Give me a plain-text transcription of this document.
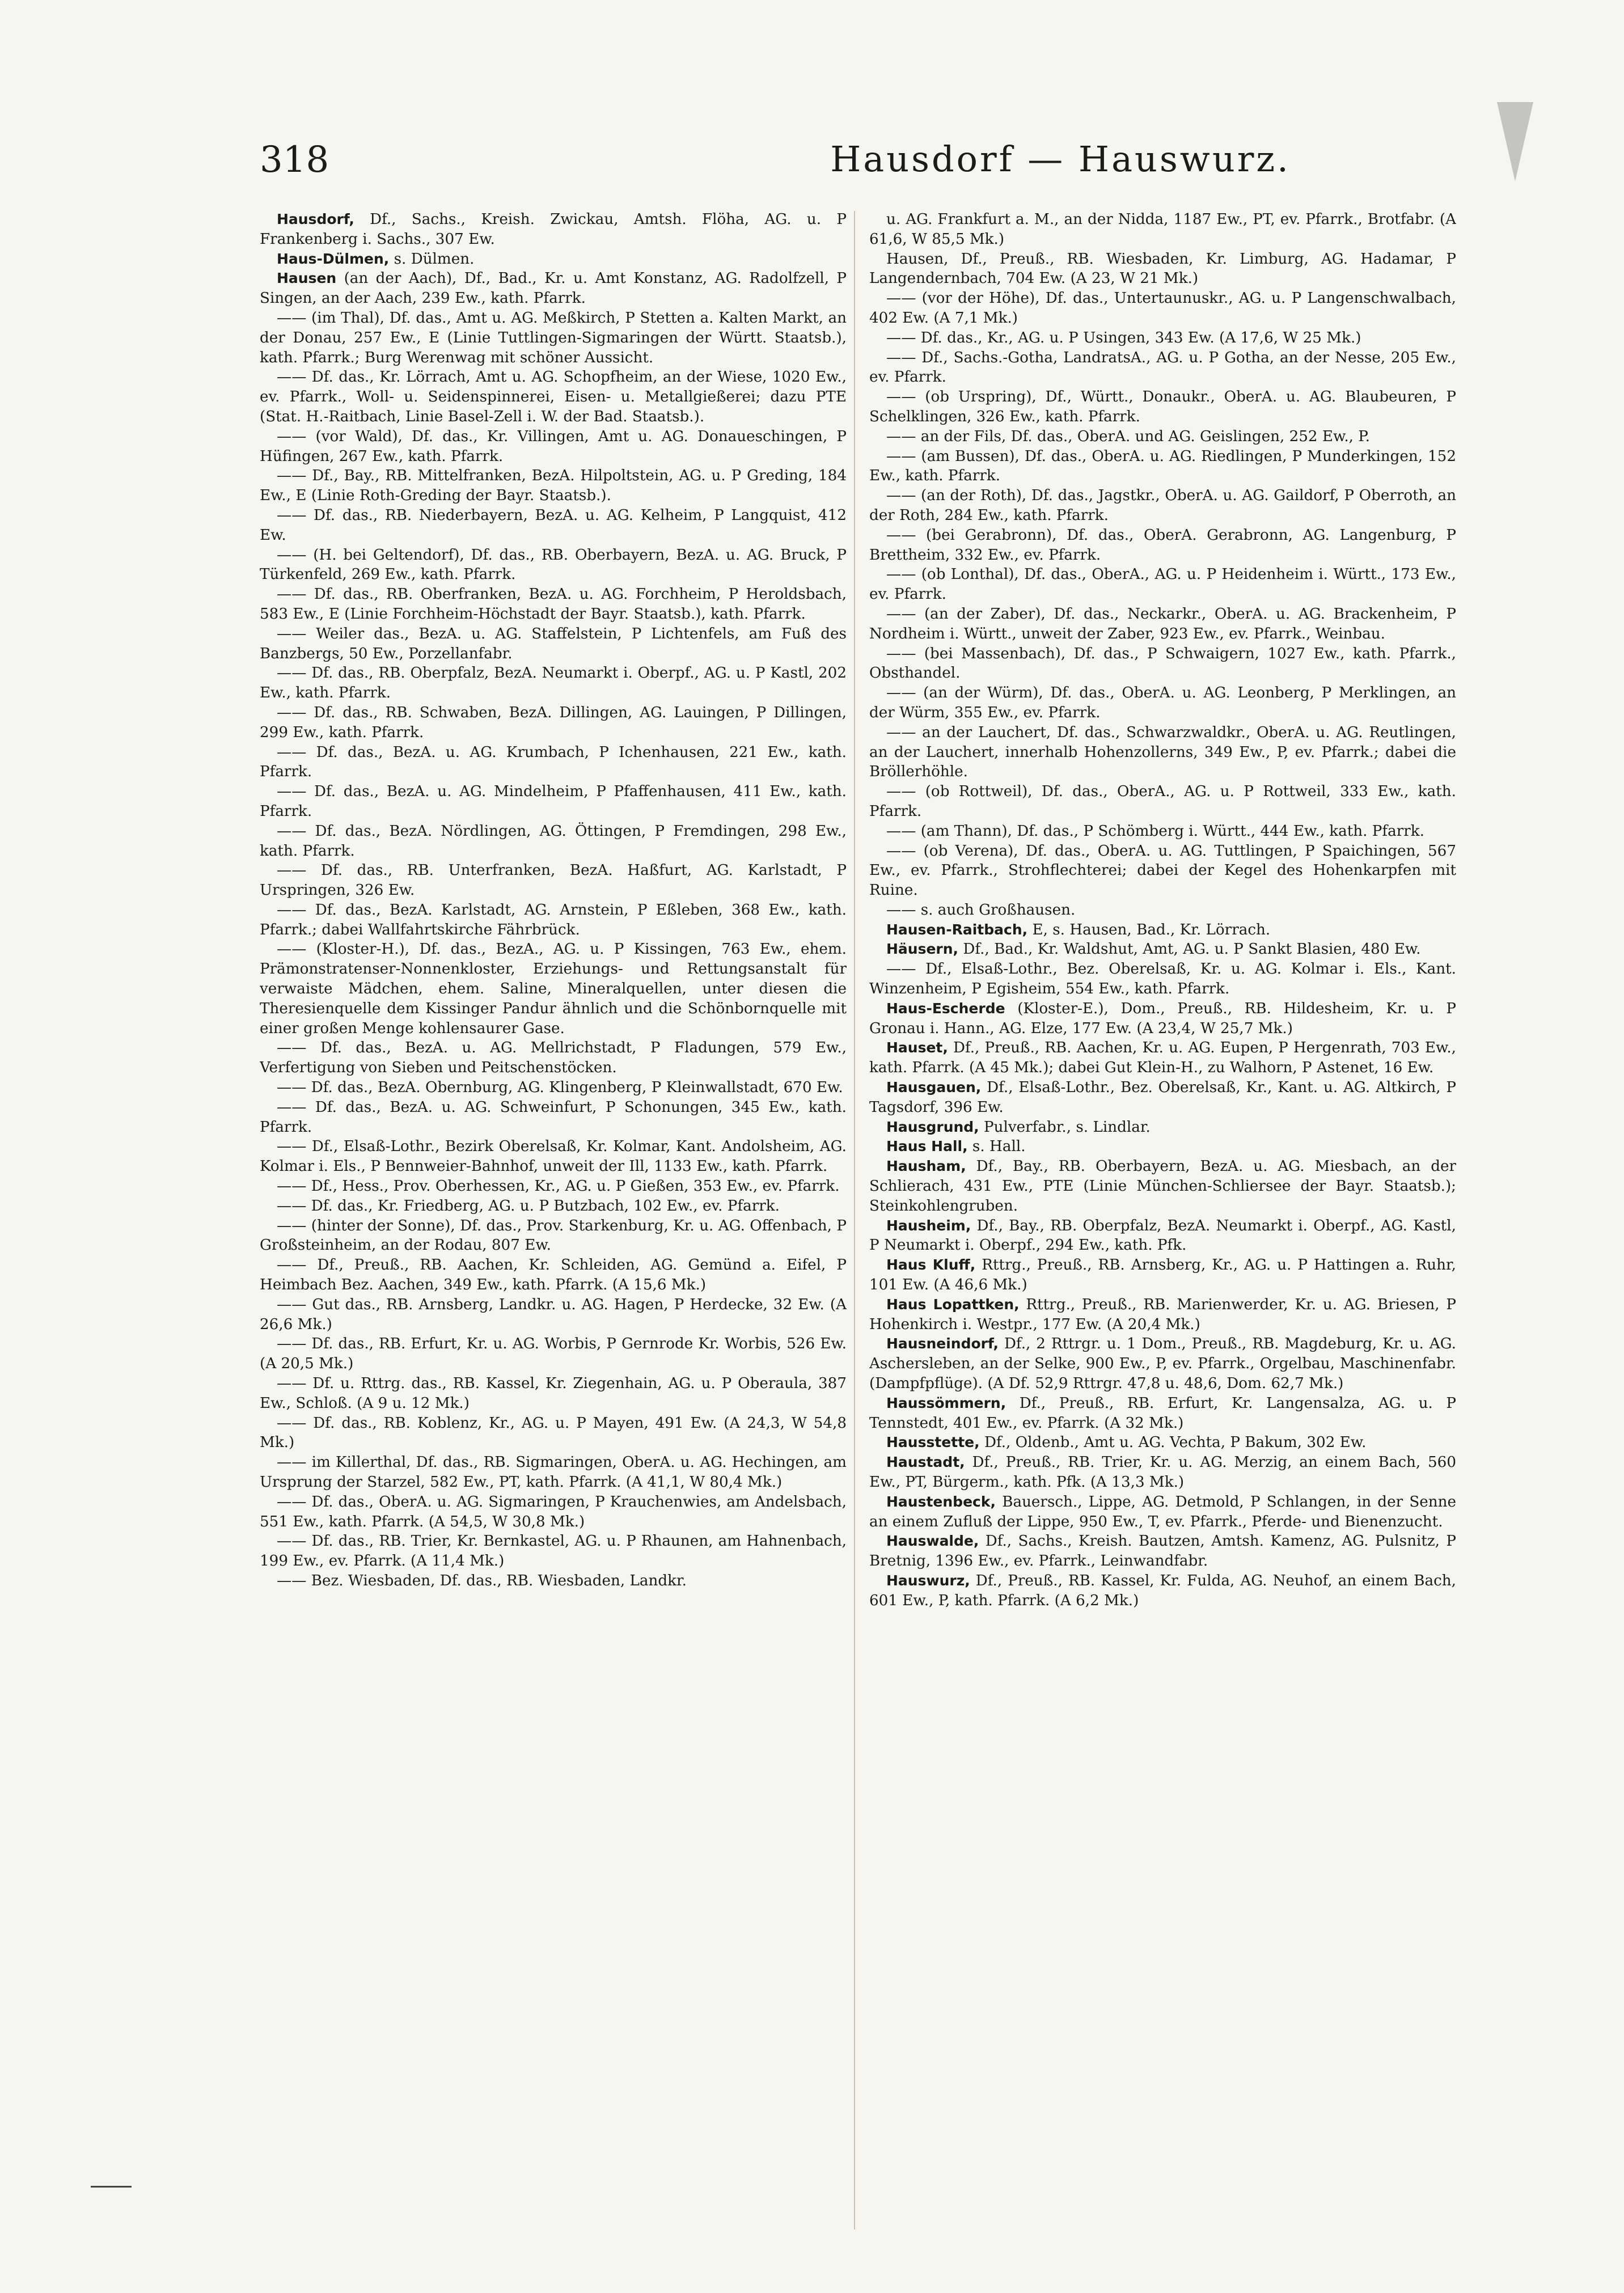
318	Hausdorf — Hauswurz.

Hausdorf, Df., Sachs., Kreish. Zwickau, Amtsh. Flöha, AG. u. P Frankenberg i. Sachs., 307 Ew.

Haus-Dülmen, s. Dülmen.

Hausen (an der Aach), Df., Bad., Kr. u. Amt Konstanz, AG. Radolfzell, P Singen, an der Aach, 239 Ew., kath. Pfarrk.

—— (im Thal), Df. das., Amt u. AG. Meßkirch, P Stetten a. Kalten Markt, an der Donau, 257 Ew., E (Linie Tuttlingen-Sigmaringen der Württ. Staatsb.), kath. Pfarrk.; Burg Werenwag mit schöner Aussicht.

—— Df. das., Kr. Lörrach, Amt u. AG. Schopfheim, an der Wiese, 1020 Ew., ev. Pfarrk., Woll- u. Seidenspinnerei, Eisen- u. Metallgießerei; dazu PTE (Stat. H.-Raitbach, Linie Basel-Zell i. W. der Bad. Staatsb.).

—— (vor Wald), Df. das., Kr. Villingen, Amt u. AG. Donaueschingen, P Hüfingen, 267 Ew., kath. Pfarrk.

—— Df., Bay., RB. Mittelfranken, BezA. Hilpoltstein, AG. u. P Greding, 184 Ew., E (Linie Roth-Greding der Bayr. Staatsb.).

—— Df. das., RB. Niederbayern, BezA. u. AG. Kelheim, P Langquist, 412 Ew.

—— (H. bei Geltendorf), Df. das., RB. Oberbayern, BezA. u. AG. Bruck, P Türkenfeld, 269 Ew., kath. Pfarrk.

—— Df. das., RB. Oberfranken, BezA. u. AG. Forchheim, P Heroldsbach, 583 Ew., E (Linie Forchheim-Höchstadt der Bayr. Staatsb.), kath. Pfarrk.

—— Weiler das., BezA. u. AG. Staffelstein, P Lichtenfels, am Fuß des Banzbergs, 50 Ew., Porzellanfabr.

—— Df. das., RB. Oberpfalz, BezA. Neumarkt i. Oberpf., AG. u. P Kastl, 202 Ew., kath. Pfarrk.

—— Df. das., RB. Schwaben, BezA. Dillingen, AG. Lauingen, P Dillingen, 299 Ew., kath. Pfarrk.

—— Df. das., BezA. u. AG. Krumbach, P Ichenhausen, 221 Ew., kath. Pfarrk.

—— Df. das., BezA. u. AG. Mindelheim, P Pfaffenhausen, 411 Ew., kath. Pfarrk.

—— Df. das., BezA. Nördlingen, AG. Öttingen, P Fremdingen, 298 Ew., kath. Pfarrk.

—— Df. das., RB. Unterfranken, BezA. Haßfurt, AG. Karlstadt, P Urspringen, 326 Ew.

—— Df. das., BezA. Karlstadt, AG. Arnstein, P Eßleben, 368 Ew., kath. Pfarrk.; dabei Wallfahrtskirche Fährbrück.

—— (Kloster-H.), Df. das., BezA., AG. u. P Kissingen, 763 Ew., ehem. Prämonstratenser-Nonnenkloster, Erziehungs- und Rettungsanstalt für verwaiste Mädchen, ehem. Saline, Mineralquellen, unter diesen die Theresienquelle dem Kissinger Pandur ähnlich und die Schönbornquelle mit einer großen Menge kohlensaurer Gase.

—— Df. das., BezA. u. AG. Mellrichstadt, P Fladungen, 579 Ew., Verfertigung von Sieben und Peitschenstöcken.

—— Df. das., BezA. Obernburg, AG. Klingenberg, P Kleinwallstadt, 670 Ew.

—— Df. das., BezA. u. AG. Schweinfurt, P Schonungen, 345 Ew., kath. Pfarrk.

—— Df., Elsaß-Lothr., Bezirk Oberelsaß, Kr. Kolmar, Kant. Andolsheim, AG. Kolmar i. Els., P Bennweier-Bahnhof, unweit der Ill, 1133 Ew., kath. Pfarrk.

—— Df., Hess., Prov. Oberhessen, Kr., AG. u. P Gießen, 353 Ew., ev. Pfarrk.

—— Df. das., Kr. Friedberg, AG. u. P Butzbach, 102 Ew., ev. Pfarrk.

—— (hinter der Sonne), Df. das., Prov. Starkenburg, Kr. u. AG. Offenbach, P Großsteinheim, an der Rodau, 807 Ew.

—— Df., Preuß., RB. Aachen, Kr. Schleiden, AG. Gemünd a. Eifel, P Heimbach Bez. Aachen, 349 Ew., kath. Pfarrk. (A 15,6 Mk.)

—— Gut das., RB. Arnsberg, Landkr. u. AG. Hagen, P Herdecke, 32 Ew. (A 26,6 Mk.)

—— Df. das., RB. Erfurt, Kr. u. AG. Worbis, P Gernrode Kr. Worbis, 526 Ew. (A 20,5 Mk.)

—— Df. u. Rttrg. das., RB. Kassel, Kr. Ziegenhain, AG. u. P Oberaula, 387 Ew., Schloß. (A 9 u. 12 Mk.)

—— Df. das., RB. Koblenz, Kr., AG. u. P Mayen, 491 Ew. (A 24,3, W 54,8 Mk.)

—— im Killerthal, Df. das., RB. Sigmaringen, OberA. u. AG. Hechingen, am Ursprung der Starzel, 582 Ew., PT, kath. Pfarrk. (A 41,1, W 80,4 Mk.)

—— Df. das., OberA. u. AG. Sigmaringen, P Krauchenwies, am Andelsbach, 551 Ew., kath. Pfarrk. (A 54,5, W 30,8 Mk.)

—— Df. das., RB. Trier, Kr. Bernkastel, AG. u. P Rhaunen, am Hahnenbach, 199 Ew., ev. Pfarrk. (A 11,4 Mk.)

—— Bez. Wiesbaden, Df. das., RB. Wiesbaden, Landkr.

u. AG. Frankfurt a. M., an der Nidda, 1187 Ew., PT, ev. Pfarrk., Brotfabr. (A 61,6, W 85,5 Mk.)

Hausen, Df., Preuß., RB. Wiesbaden, Kr. Limburg, AG. Hadamar, P Langendernbach, 704 Ew. (A 23, W 21 Mk.)

—— (vor der Höhe), Df. das., Untertaunuskr., AG. u. P Langenschwalbach, 402 Ew. (A 7,1 Mk.)

—— Df. das., Kr., AG. u. P Usingen, 343 Ew. (A 17,6, W 25 Mk.)

—— Df., Sachs.-Gotha, LandratsA., AG. u. P Gotha, an der Nesse, 205 Ew., ev. Pfarrk.

—— (ob Urspring), Df., Württ., Donaukr., OberA. u. AG. Blaubeuren, P Schelklingen, 326 Ew., kath. Pfarrk.

—— an der Fils, Df. das., OberA. und AG. Geislingen, 252 Ew., P.

—— (am Bussen), Df. das., OberA. u. AG. Riedlingen, P Munderkingen, 152 Ew., kath. Pfarrk.

—— (an der Roth), Df. das., Jagstkr., OberA. u. AG. Gaildorf, P Oberroth, an der Roth, 284 Ew., kath. Pfarrk.

—— (bei Gerabronn), Df. das., OberA. Gerabronn, AG. Langenburg, P Brettheim, 332 Ew., ev. Pfarrk.

—— (ob Lonthal), Df. das., OberA., AG. u. P Heidenheim i. Württ., 173 Ew., ev. Pfarrk.

—— (an der Zaber), Df. das., Neckarkr., OberA. u. AG. Brackenheim, P Nordheim i. Württ., unweit der Zaber, 923 Ew., ev. Pfarrk., Weinbau.

—— (bei Massenbach), Df. das., P Schwaigern, 1027 Ew., kath. Pfarrk., Obsthandel.

—— (an der Würm), Df. das., OberA. u. AG. Leonberg, P Merklingen, an der Würm, 355 Ew., ev. Pfarrk.

—— an der Lauchert, Df. das., Schwarzwaldkr., OberA. u. AG. Reutlingen, an der Lauchert, innerhalb Hohenzollerns, 349 Ew., P, ev. Pfarrk.; dabei die Bröllerhöhle.

—— (ob Rottweil), Df. das., OberA., AG. u. P Rottweil, 333 Ew., kath. Pfarrk.

—— (am Thann), Df. das., P Schömberg i. Württ., 444 Ew., kath. Pfarrk.

—— (ob Verena), Df. das., OberA. u. AG. Tuttlingen, P Spaichingen, 567 Ew., ev. Pfarrk., Strohflechterei; dabei der Kegel des Hohenkarpfen mit Ruine.

—— s. auch Großhausen.

Hausen-Raitbach, E, s. Hausen, Bad., Kr. Lörrach.

Häusern, Df., Bad., Kr. Waldshut, Amt, AG. u. P Sankt Blasien, 480 Ew.

—— Df., Elsaß-Lothr., Bez. Oberelsaß, Kr. u. AG. Kolmar i. Els., Kant. Winzenheim, P Egisheim, 554 Ew., kath. Pfarrk.

Haus-Escherde (Kloster-E.), Dom., Preuß., RB. Hildesheim, Kr. u. P Gronau i. Hann., AG. Elze, 177 Ew. (A 23,4, W 25,7 Mk.)

Hauset, Df., Preuß., RB. Aachen, Kr. u. AG. Eupen, P Hergenrath, 703 Ew., kath. Pfarrk. (A 45 Mk.); dabei Gut Klein-H., zu Walhorn, P Astenet, 16 Ew.

Hausgauen, Df., Elsaß-Lothr., Bez. Oberelsaß, Kr., Kant. u. AG. Altkirch, P Tagsdorf, 396 Ew.

Hausgrund, Pulverfabr., s. Lindlar.

Haus Hall, s. Hall.

Hausham, Df., Bay., RB. Oberbayern, BezA. u. AG. Miesbach, an der Schlierach, 431 Ew., PTE (Linie München-Schliersee der Bayr. Staatsb.); Steinkohlengruben.

Hausheim, Df., Bay., RB. Oberpfalz, BezA. Neumarkt i. Oberpf., AG. Kastl, P Neumarkt i. Oberpf., 294 Ew., kath. Pfk.

Haus Kluff, Rttrg., Preuß., RB. Arnsberg, Kr., AG. u. P Hattingen a. Ruhr, 101 Ew. (A 46,6 Mk.)

Haus Lopattken, Rttrg., Preuß., RB. Marienwerder, Kr. u. AG. Briesen, P Hohenkirch i. Westpr., 177 Ew. (A 20,4 Mk.)

Hausneindorf, Df., 2 Rttrgr. u. 1 Dom., Preuß., RB. Magdeburg, Kr. u. AG. Aschersleben, an der Selke, 900 Ew., P, ev. Pfarrk., Orgelbau, Maschinenfabr. (Dampfpflüge). (A Df. 52,9 Rttrgr. 47,8 u. 48,6, Dom. 62,7 Mk.)

Haussömmern, Df., Preuß., RB. Erfurt, Kr. Langensalza, AG. u. P Tennstedt, 401 Ew., ev. Pfarrk. (A 32 Mk.)

Hausstette, Df., Oldenb., Amt u. AG. Vechta, P Bakum, 302 Ew.

Haustadt, Df., Preuß., RB. Trier, Kr. u. AG. Merzig, an einem Bach, 560 Ew., PT, Bürgerm., kath. Pfk. (A 13,3 Mk.)

Haustenbeck, Bauersch., Lippe, AG. Detmold, P Schlangen, in der Senne an einem Zufluß der Lippe, 950 Ew., T, ev. Pfarrk., Pferde- und Bienenzucht.

Hauswalde, Df., Sachs., Kreish. Bautzen, Amtsh. Kamenz, AG. Pulsnitz, P Bretnig, 1396 Ew., ev. Pfarrk., Leinwandfabr.

Hauswurz, Df., Preuß., RB. Kassel, Kr. Fulda, AG. Neuhof, an einem Bach, 601 Ew., P, kath. Pfarrk. (A 6,2 Mk.)
